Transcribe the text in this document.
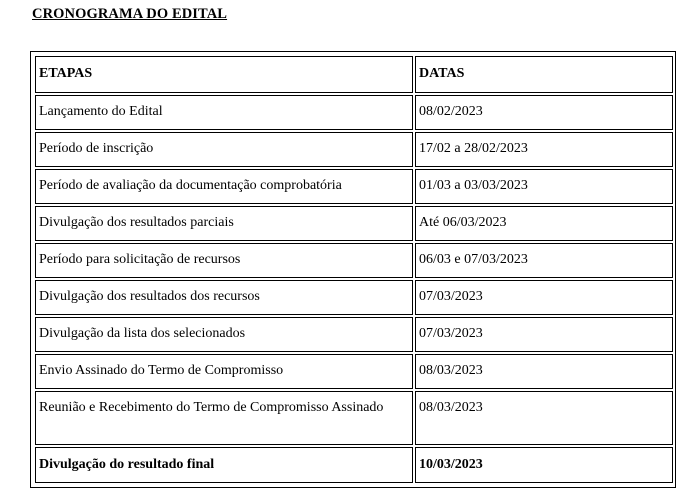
CRONOGRAMA DO EDITAL
ETAPAS	DATAS
Lançamento do Edital	08/02/2023
Período de inscrição	17/02 a 28/02/2023
Período de avaliação da documentação comprobatória	01/03 a 03/03/2023
Divulgação dos resultados parciais	Até 06/03/2023
Período para solicitação de recursos	06/03 e 07/03/2023
Divulgação dos resultados dos recursos	07/03/2023
Divulgação da lista dos selecionados	07/03/2023
Envio Assinado do Termo de Compromisso	08/03/2023
Reunião e Recebimento do Termo de Compromisso Assinado	08/03/2023
Divulgação do resultado final	10/03/2023
